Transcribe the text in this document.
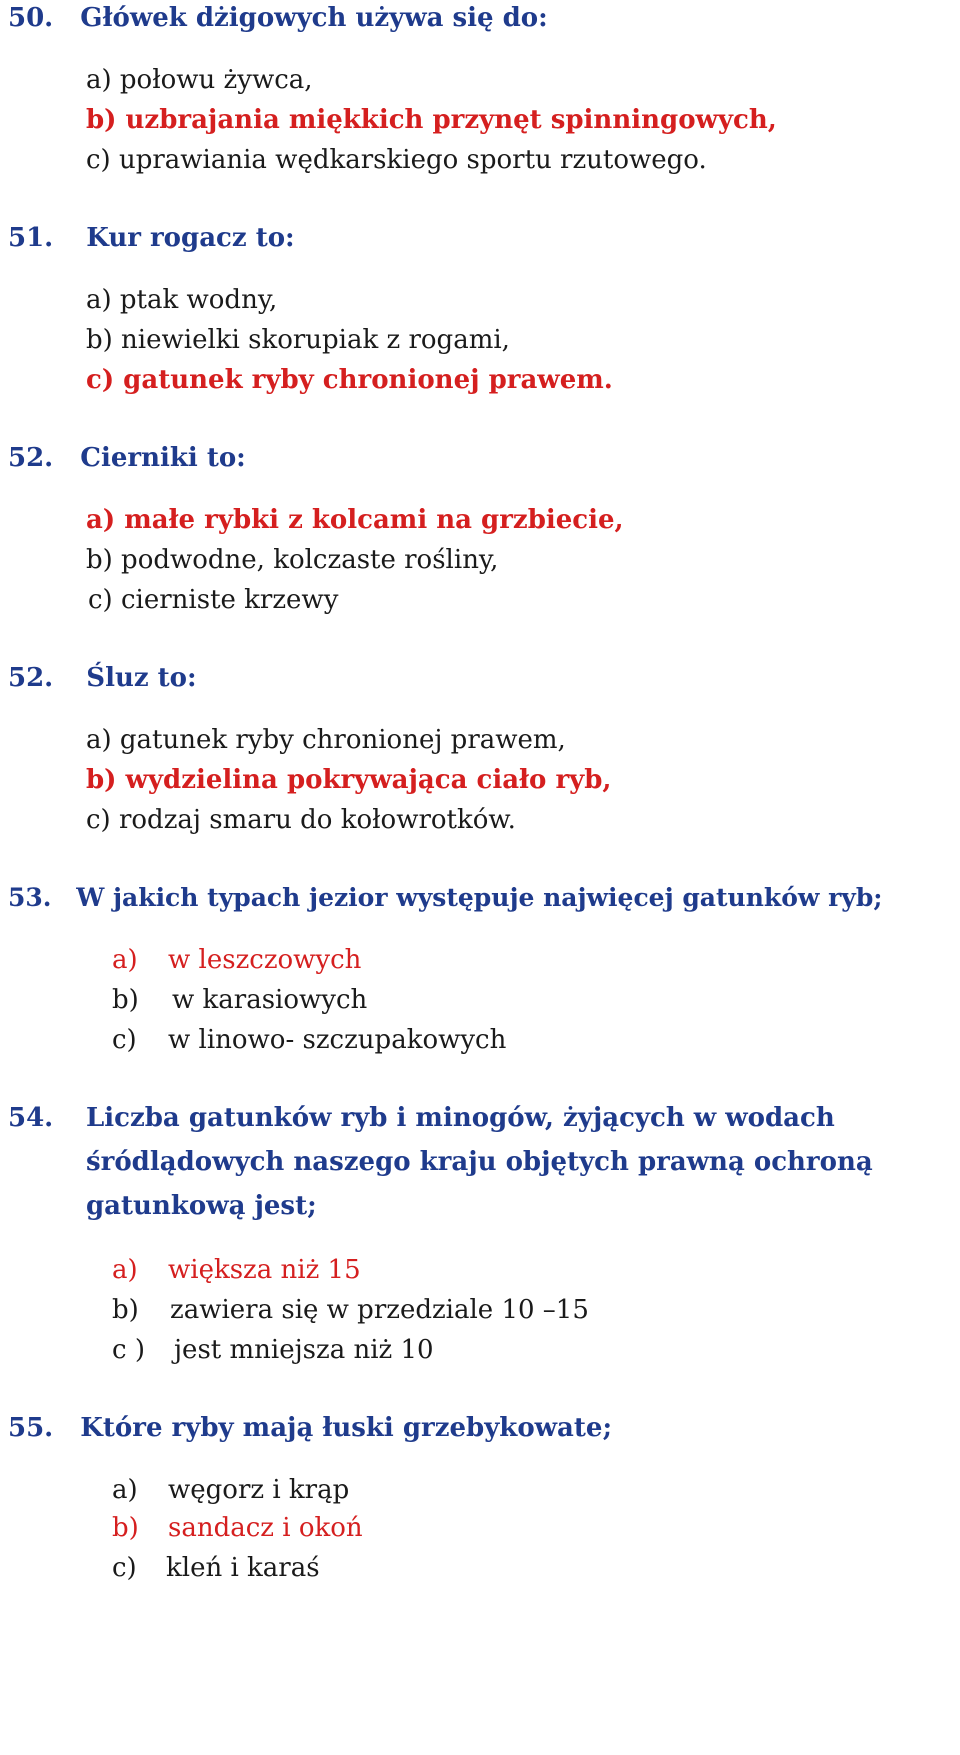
50. Główek dżigowych używa się do:
a) połowu żywca,
b) uzbrajania miękkich przynęt spinningowych,
c) uprawiania wędkarskiego sportu rzutowego.
51. Kur rogacz to:
a) ptak wodny,
b) niewielki skorupiak z rogami,
c) gatunek ryby chronionej prawem.
52. Cierniki to:
a) małe rybki z kolcami na grzbiecie,
b) podwodne, kolczaste rośliny,
c) cierniste krzewy
52. Śluz to:
a) gatunek ryby chronionej prawem,
b) wydzielina pokrywająca ciało ryb,
c) rodzaj smaru do kołowrotków.
53. W jakich typach jezior występuje najwięcej gatunków ryb;
a) w leszczowych
b) w karasiowych
c) w linowo- szczupakowych
54. Liczba gatunków ryb i minogów, żyjących w wodach
śródlądowych naszego kraju objętych prawną ochroną
gatunkową jest;
a) większa niż 15
b) zawiera się w przedziale 10 –15
c ) jest mniejsza niż 10
55. Które ryby mają łuski grzebykowate;
a) węgorz i krąp
b) sandacz i okoń
c) kleń i karaś
